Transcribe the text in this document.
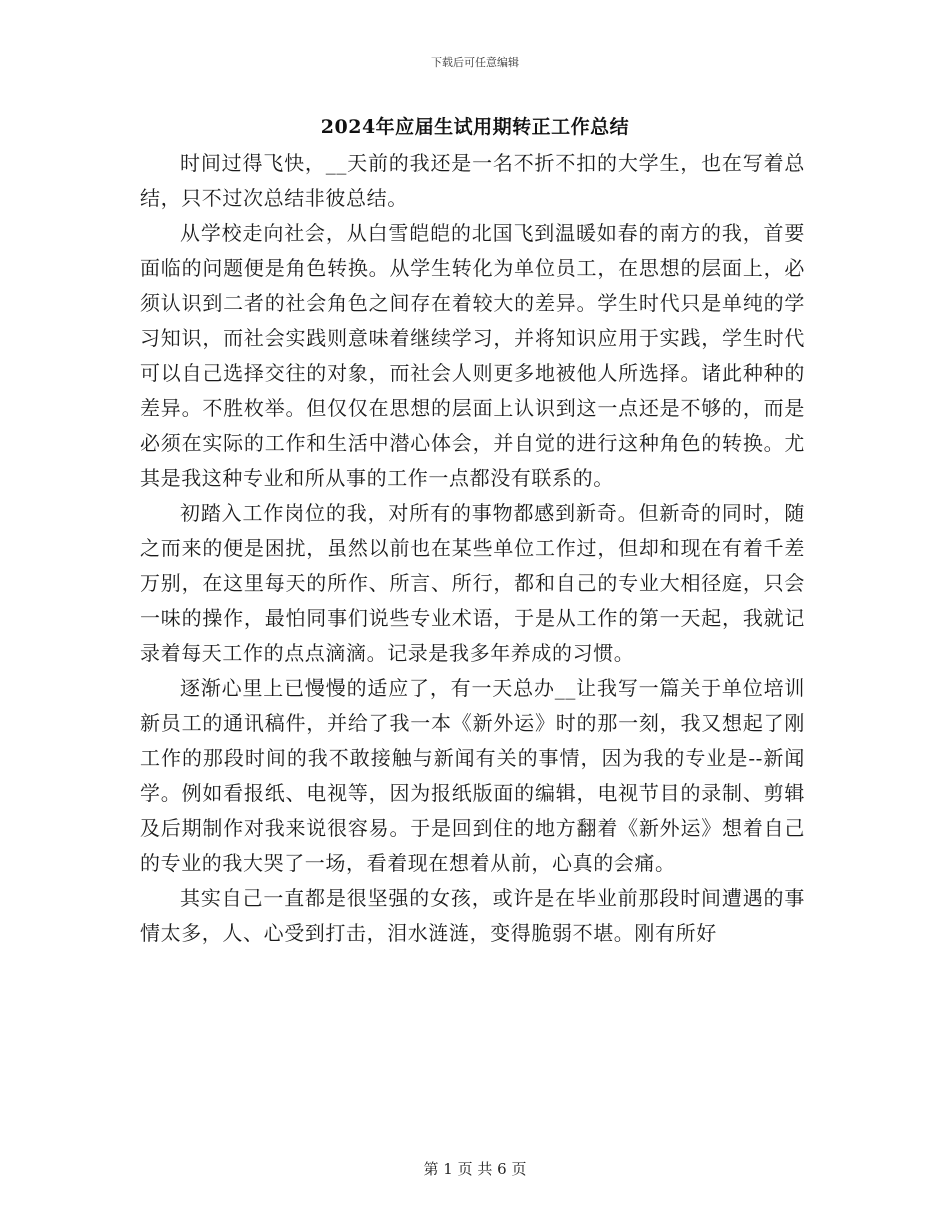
下载后可任意编辑
2024年应届生试用期转正工作总结

时间过得飞快，__天前的我还是一名不折不扣的大学生，也在写着总结，只不过次总结非彼总结。

从学校走向社会，从白雪皑皑的北国飞到温暖如春的南方的我，首要面临的问题便是角色转换。从学生转化为单位员工，在思想的层面上，必须认识到二者的社会角色之间存在着较大的差异。学生时代只是单纯的学习知识，而社会实践则意味着继续学习，并将知识应用于实践，学生时代可以自己选择交往的对象，而社会人则更多地被他人所选择。诸此种种的差异。不胜枚举。但仅仅在思想的层面上认识到这一点还是不够的，而是必须在实际的工作和生活中潜心体会，并自觉的进行这种角色的转换。尤其是我这种专业和所从事的工作一点都没有联系的。

初踏入工作岗位的我，对所有的事物都感到新奇。但新奇的同时，随之而来的便是困扰，虽然以前也在某些单位工作过，但却和现在有着千差万别，在这里每天的所作、所言、所行，都和自己的专业大相径庭，只会一味的操作，最怕同事们说些专业术语，于是从工作的第一天起，我就记录着每天工作的点点滴滴。记录是我多年养成的习惯。

逐渐心里上已慢慢的适应了，有一天总办__让我写一篇关于单位培训新员工的通讯稿件，并给了我一本《新外运》时的那一刻，我又想起了刚工作的那段时间的我不敢接触与新闻有关的事情，因为我的专业是--新闻学。例如看报纸、电视等，因为报纸版面的编辑，电视节目的录制、剪辑及后期制作对我来说很容易。于是回到住的地方翻着《新外运》想着自己的专业的我大哭了一场，看着现在想着从前，心真的会痛。

其实自己一直都是很坚强的女孩，或许是在毕业前那段时间遭遇的事情太多，人、心受到打击，泪水涟涟，变得脆弱不堪。刚有所好

第 1 页 共 6 页
